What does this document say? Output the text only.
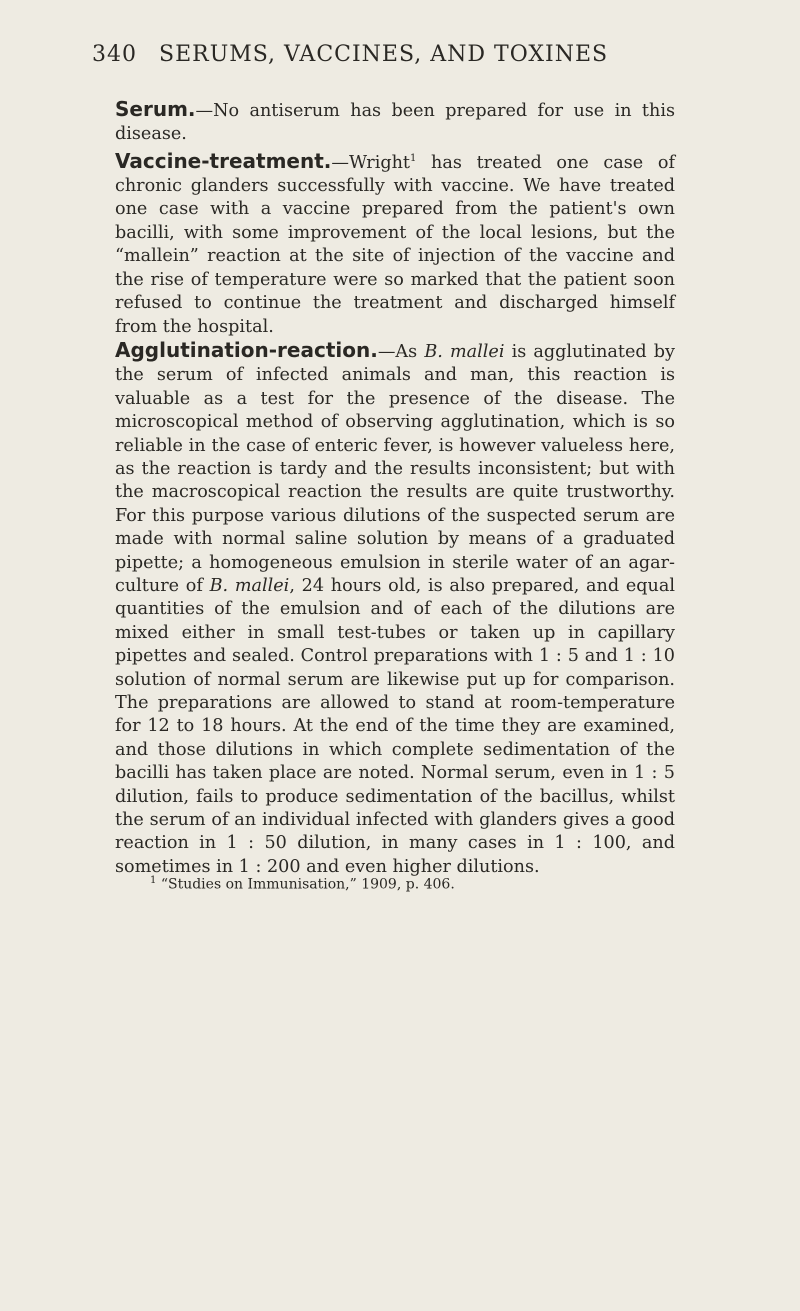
340 SERUMS, VACCINES, AND TOXINES

Serum.—No antiserum has been prepared for use in this disease.

Vaccine-treatment.—Wright$^1$ has treated one case of chronic glanders successfully with vaccine. We have treated one case with a vaccine prepared from the patient's own bacilli, with some improvement of the local lesions, but the “mallein” reaction at the site of injection of the vaccine and the rise of temperature were so marked that the patient soon refused to continue the treatment and discharged himself from the hospital.

Agglutination-reaction.—As B. mallei is agglutinated by the serum of infected animals and man, this reaction is valuable as a test for the presence of the disease. The microscopical method of observing agglutination, which is so reliable in the case of enteric fever, is however valueless here, as the reaction is tardy and the results inconsistent; but with the macroscopical reaction the results are quite trustworthy. For this purpose various dilutions of the suspected serum are made with normal saline solution by means of a graduated pipette; a homogeneous emulsion in sterile water of an agar-culture of B. mallei, 24 hours old, is also prepared, and equal quantities of the emulsion and of each of the dilutions are mixed either in small test-tubes or taken up in capillary pipettes and sealed. Control preparations with 1 : 5 and 1 : 10 solution of normal serum are likewise put up for comparison. The preparations are allowed to stand at room-temperature for 12 to 18 hours. At the end of the time they are examined, and those dilutions in which complete sedimentation of the bacilli has taken place are noted. Normal serum, even in 1 : 5 dilution, fails to produce sedimentation of the bacillus, whilst the serum of an individual infected with glanders gives a good reaction in 1 : 50 dilution, in many cases in 1 : 100, and sometimes in 1 : 200 and even higher dilutions.

$^1$ “Studies on Immunisation,” 1909, p. 406.
